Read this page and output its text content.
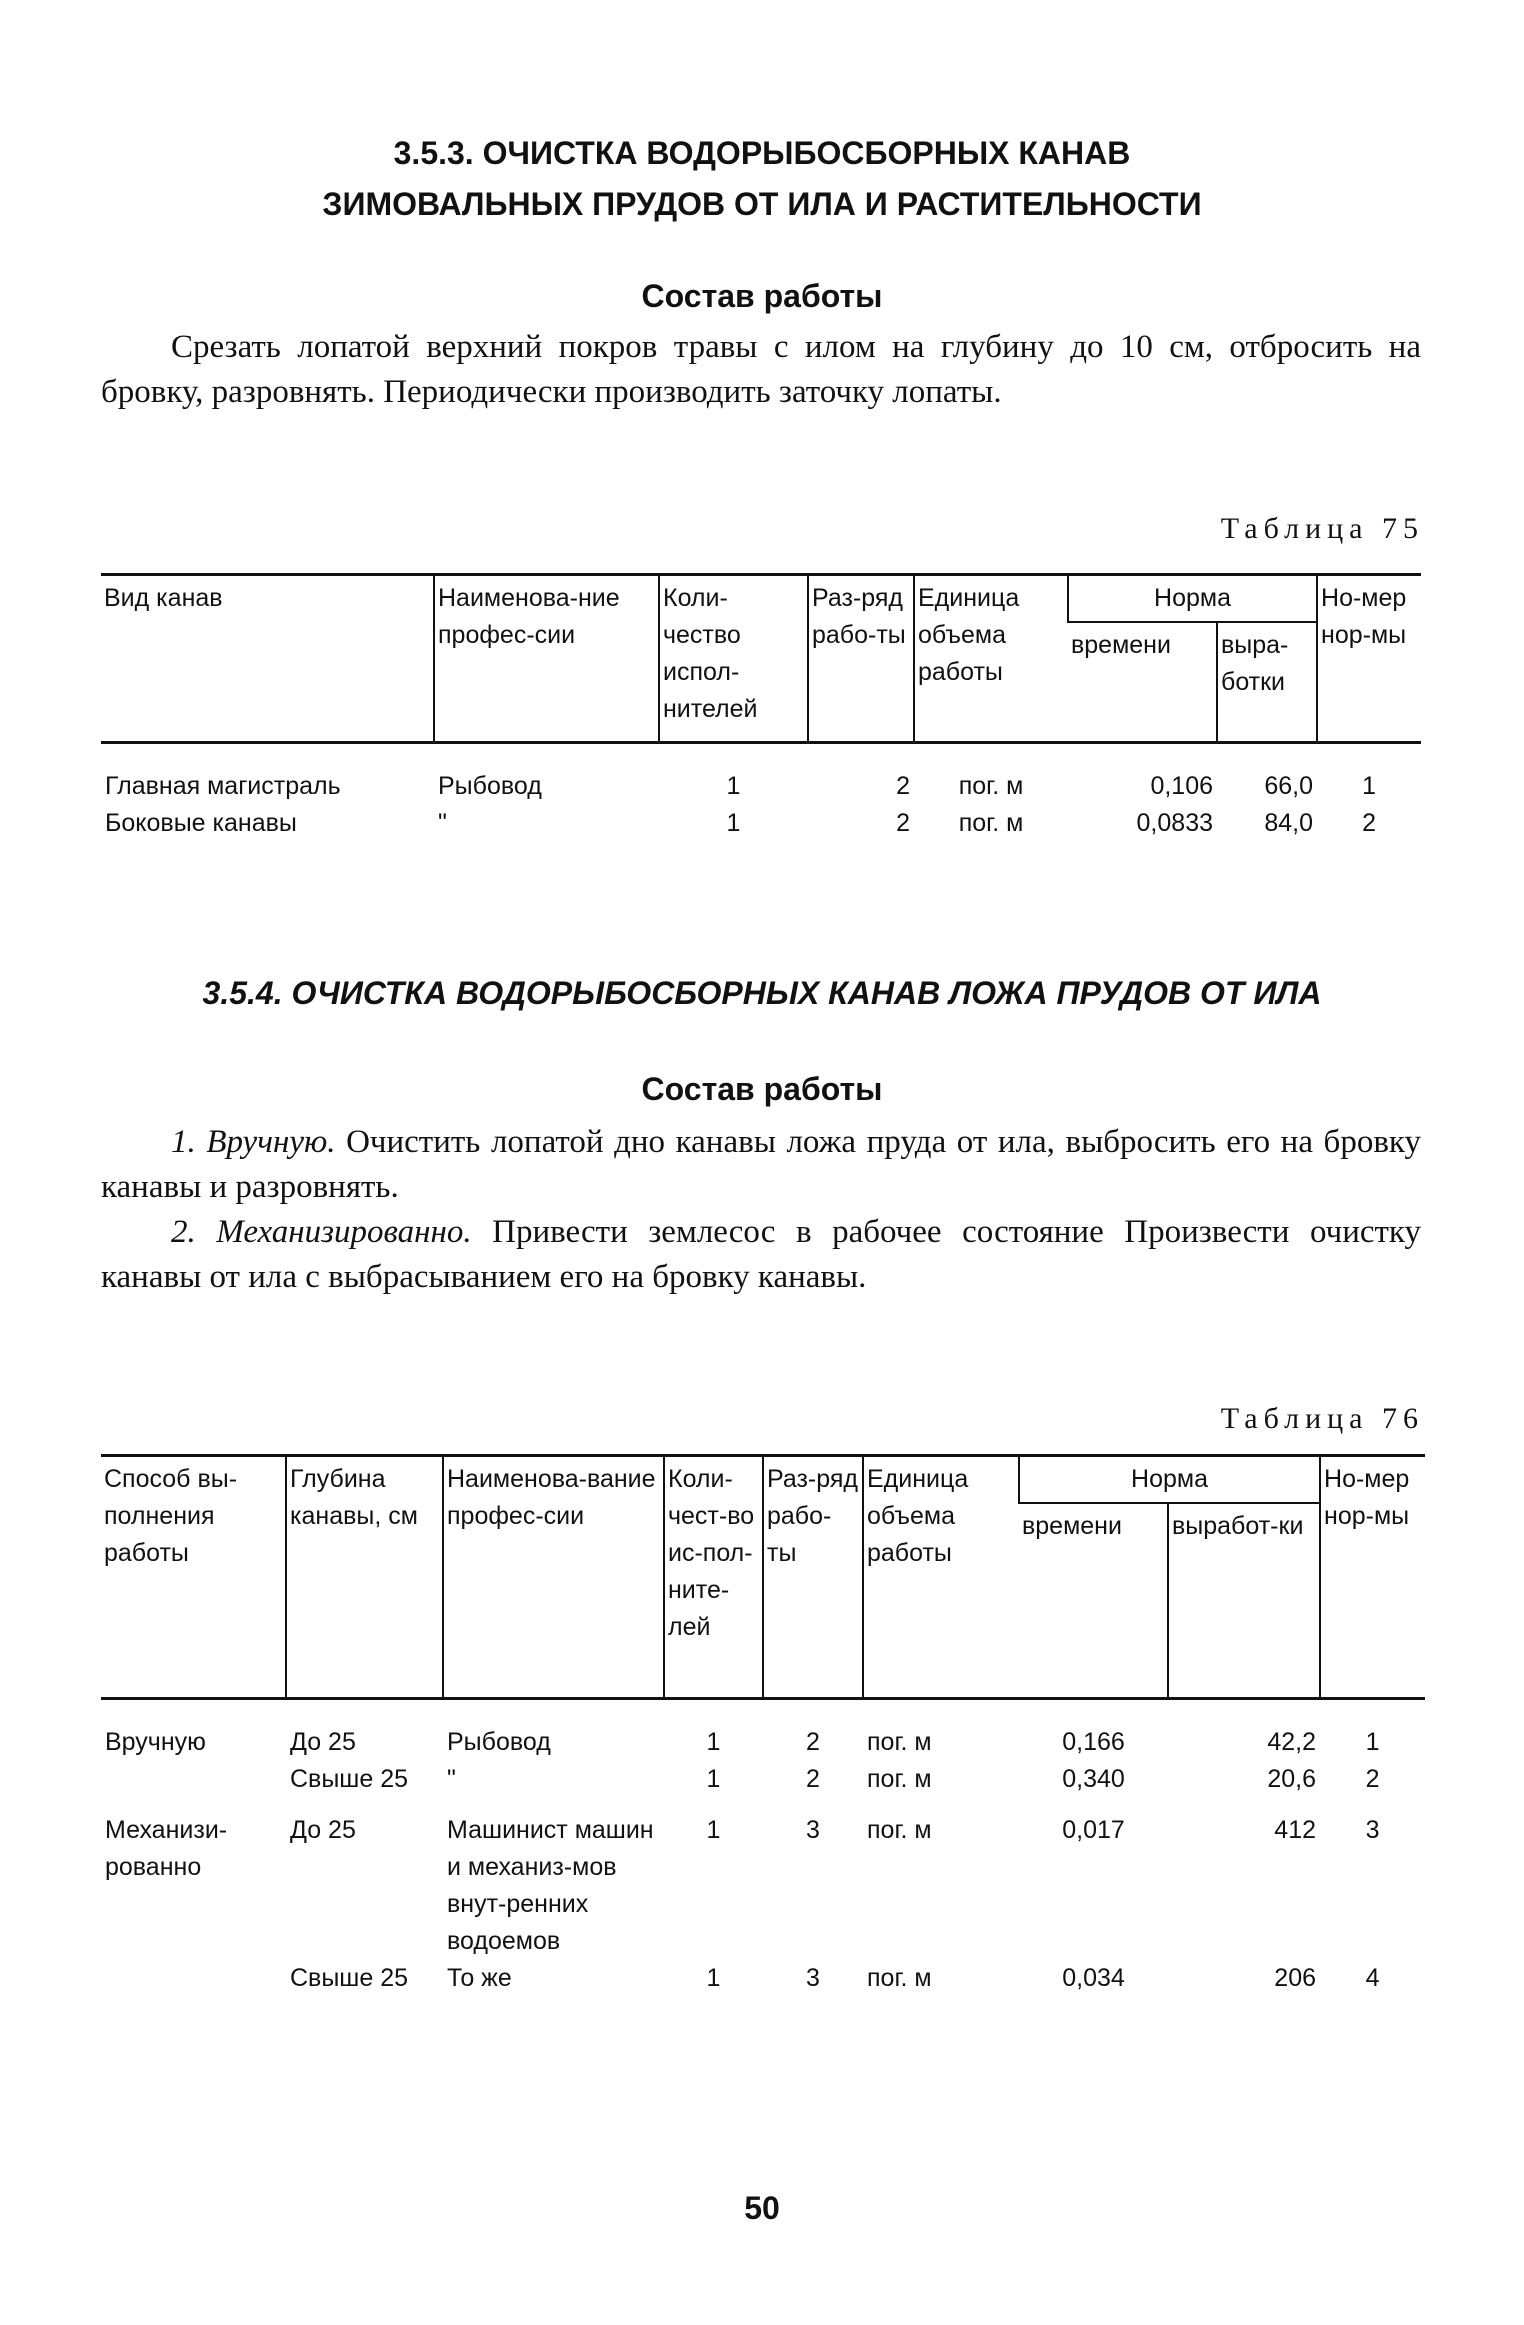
3.5.3. ОЧИСТКА ВОДОРЫБОСБОРНЫХ КАНАВ
ЗИМОВАЛЬНЫХ ПРУДОВ ОТ ИЛА И РАСТИТЕЛЬНОСТИ
Состав работы

Срезать лопатой верхний покров травы с илом на глубину до 10 см, отбросить на бровку, разровнять. Периодически производить заточку лопаты.

Таблица 75
Вид канав	Наименова-ние профес-сии	Коли-чество испол-нителей	Раз-ряд рабо-ты	Единица объема работы	Норма		Но-мер нор-мы
					времени	выра-ботки	
Главная магистраль	Рыбовод	1	2	пог. м	0,106	66,0	1
Боковые канавы	"	1	2	пог. м	0,0833	84,0	2
3.5.4. ОЧИСТКА ВОДОРЫБОСБОРНЫХ КАНАВ ЛОЖА ПРУДОВ ОТ ИЛА
Состав работы

1. Вручную. Очистить лопатой дно канавы ложа пруда от ила, выбросить его на бровку канавы и разровнять.

2. Механизированно. Привести землесос в рабочее состояние Произвести очистку канавы от ила с выбрасыванием его на бровку канавы.

Таблица 76
Способ вы-полнения работы	Глубина канавы, см	Наименова-вание профес-сии	Коли-чест-во ис-пол-ните-лей	Раз-ряд рабо-ты	Единица объема работы	Норма		Но-мер нор-мы
						времени	выработ-ки	
Вручную	До 25	Рыбовод	1	2	пог. м	0,166	42,2	1
	Свыше 25	"	1	2	пог. м	0,340	20,6	2
Механизи-рованно	До 25	Машинист машин и механиз-мов внут-ренних водоемов	1	3	пог. м	0,017	412	3
	Свыше 25	То же	1	3	пог. м	0,034	206	4
50
